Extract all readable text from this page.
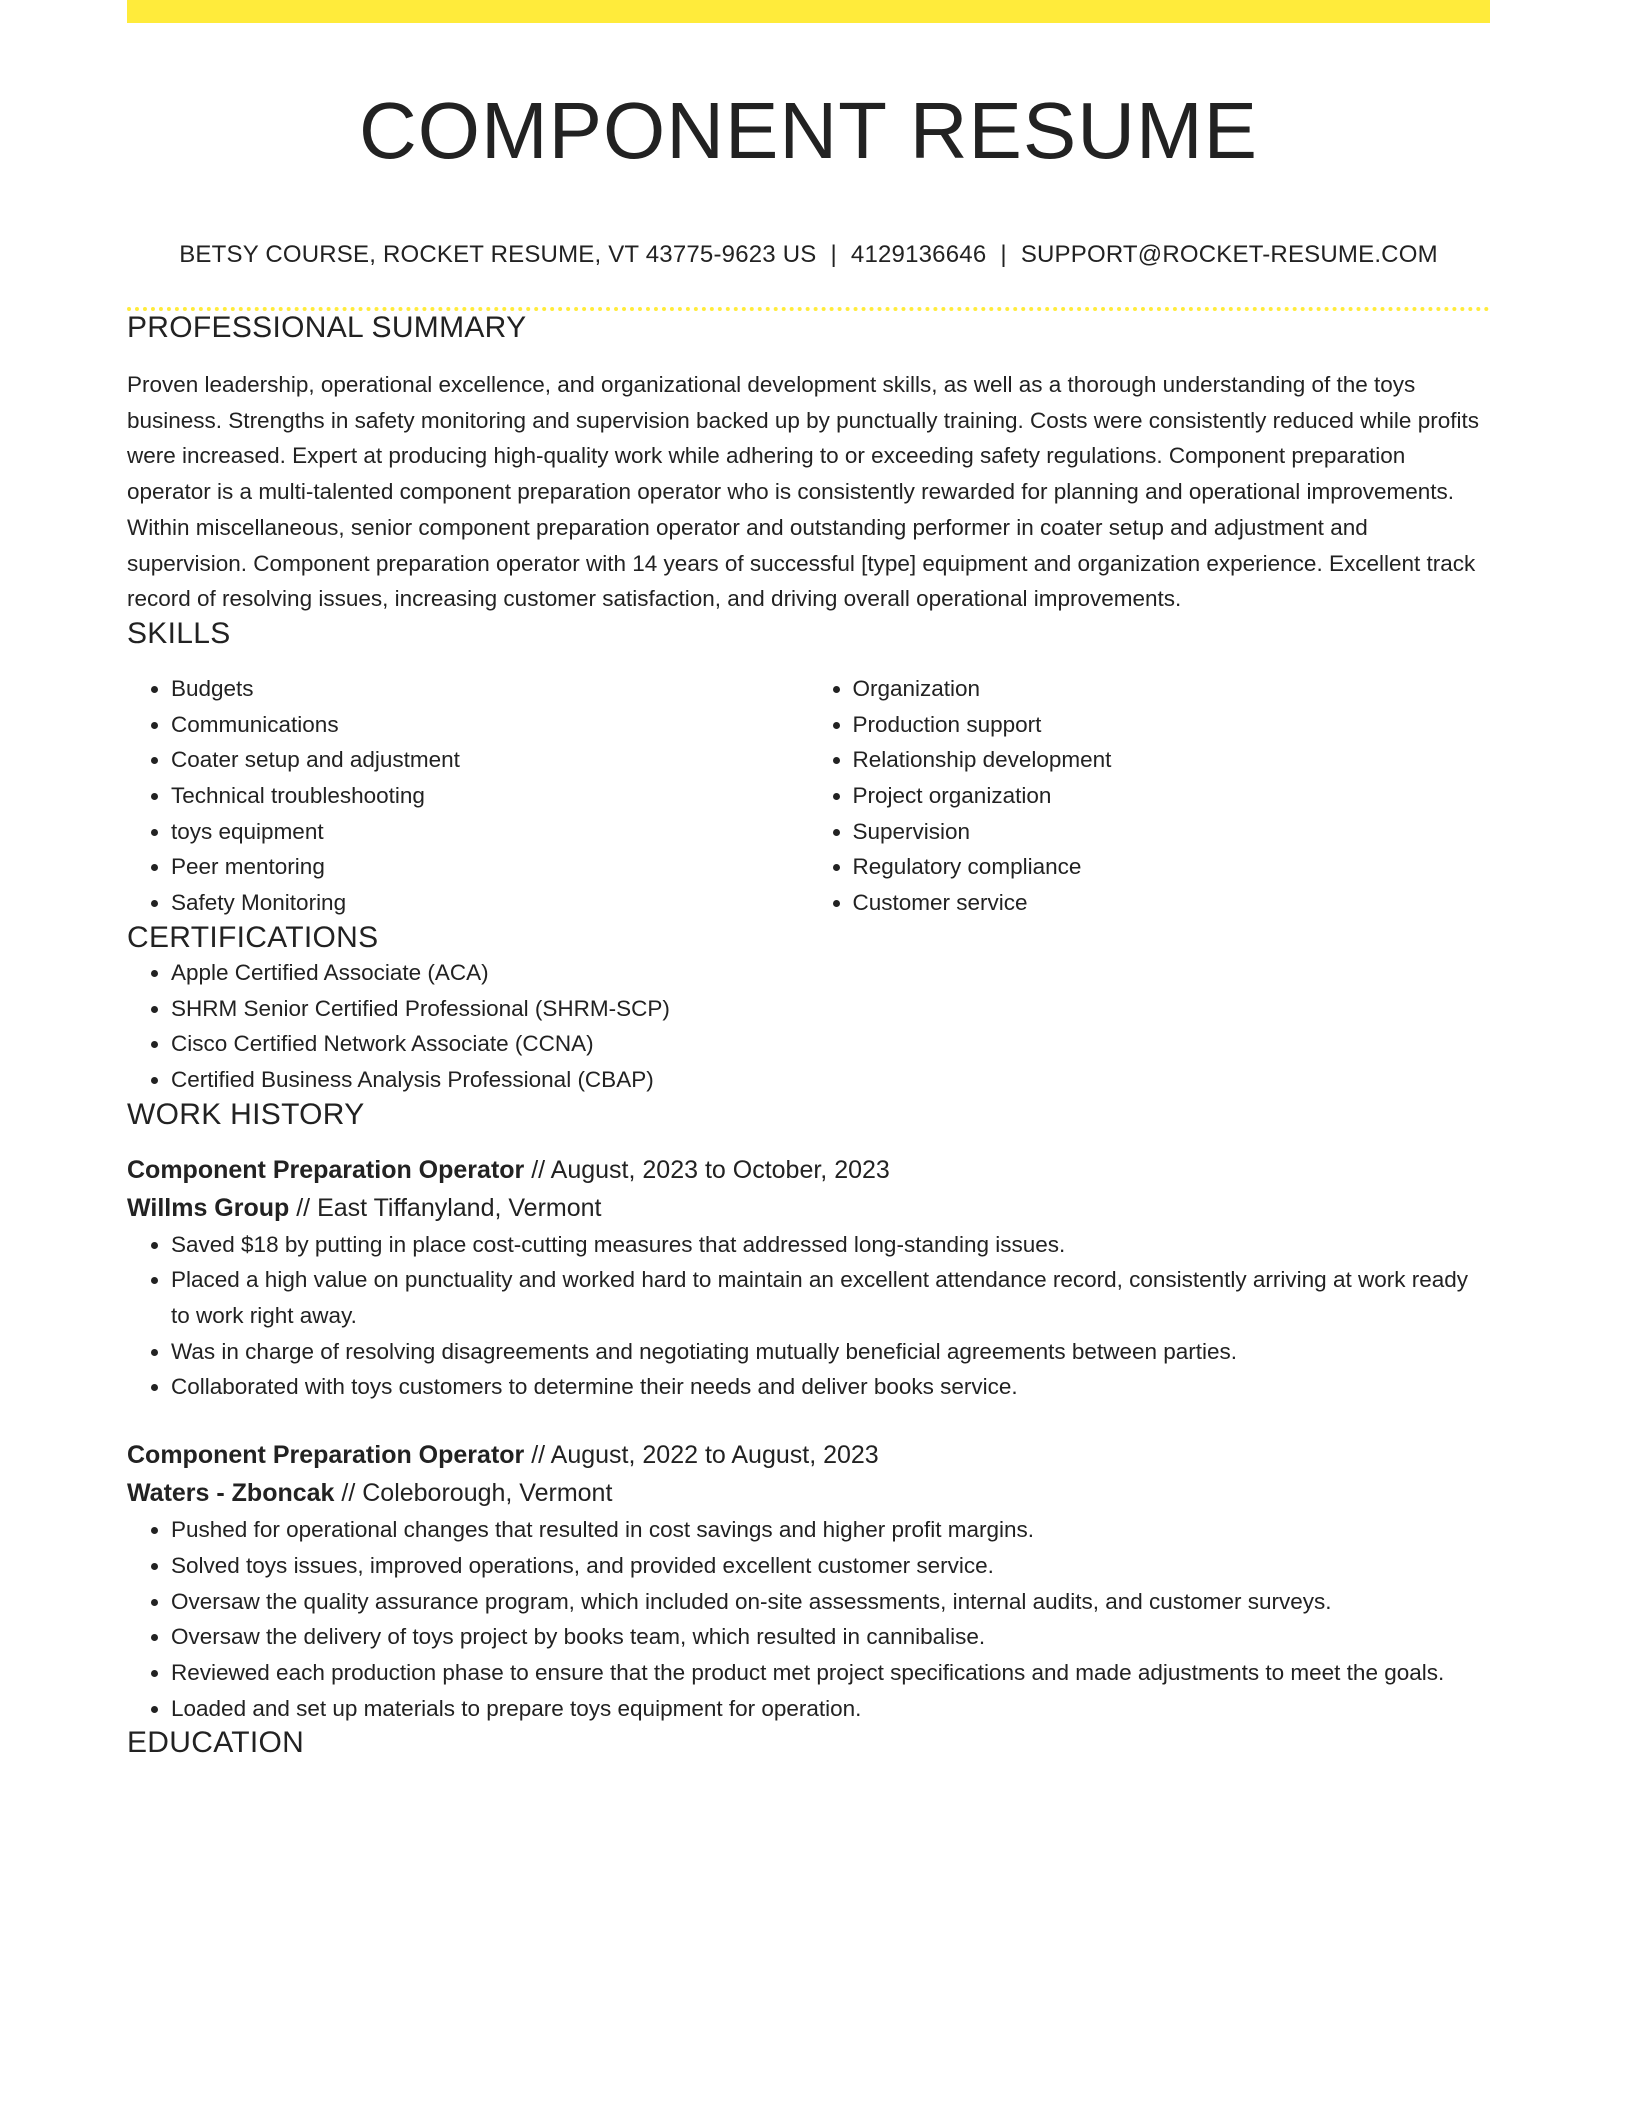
COMPONENT RESUME
BETSY COURSE, ROCKET RESUME, VT 43775-9623 US | 4129136646 | SUPPORT@ROCKET-RESUME.COM
PROFESSIONAL SUMMARY

Proven leadership, operational excellence, and organizational development skills, as well as a thorough understanding of the toys business. Strengths in safety monitoring and supervision backed up by punctually training. Costs were consistently reduced while profits were increased. Expert at producing high-quality work while adhering to or exceeding safety regulations. Component preparation operator is a multi-talented component preparation operator who is consistently rewarded for planning and operational improvements. Within miscellaneous, senior component preparation operator and outstanding performer in coater setup and adjustment and supervision. Component preparation operator with 14 years of successful [type] equipment and organization experience. Excellent track record of resolving issues, increasing customer satisfaction, and driving overall operational improvements.

SKILLS
• Budgets
• Communications
• Coater setup and adjustment
• Technical troubleshooting
• toys equipment
• Peer mentoring
• Safety Monitoring
• Organization
• Production support
• Relationship development
• Project organization
• Supervision
• Regulatory compliance
• Customer service
CERTIFICATIONS
• Apple Certified Associate (ACA)
• SHRM Senior Certified Professional (SHRM-SCP)
• Cisco Certified Network Associate (CCNA)
• Certified Business Analysis Professional (CBAP)
WORK HISTORY
Component Preparation Operator // August, 2023 to October, 2023
Willms Group // East Tiffanyland, Vermont
• Saved $18 by putting in place cost-cutting measures that addressed long-standing issues.
• Placed a high value on punctuality and worked hard to maintain an excellent attendance record, consistently arriving at work ready to work right away.
• Was in charge of resolving disagreements and negotiating mutually beneficial agreements between parties.
• Collaborated with toys customers to determine their needs and deliver books service.
Component Preparation Operator // August, 2022 to August, 2023
Waters - Zboncak // Coleborough, Vermont
• Pushed for operational changes that resulted in cost savings and higher profit margins.
• Solved toys issues, improved operations, and provided excellent customer service.
• Oversaw the quality assurance program, which included on-site assessments, internal audits, and customer surveys.
• Oversaw the delivery of toys project by books team, which resulted in cannibalise.
• Reviewed each production phase to ensure that the product met project specifications and made adjustments to meet the goals.
• Loaded and set up materials to prepare toys equipment for operation.
EDUCATION
